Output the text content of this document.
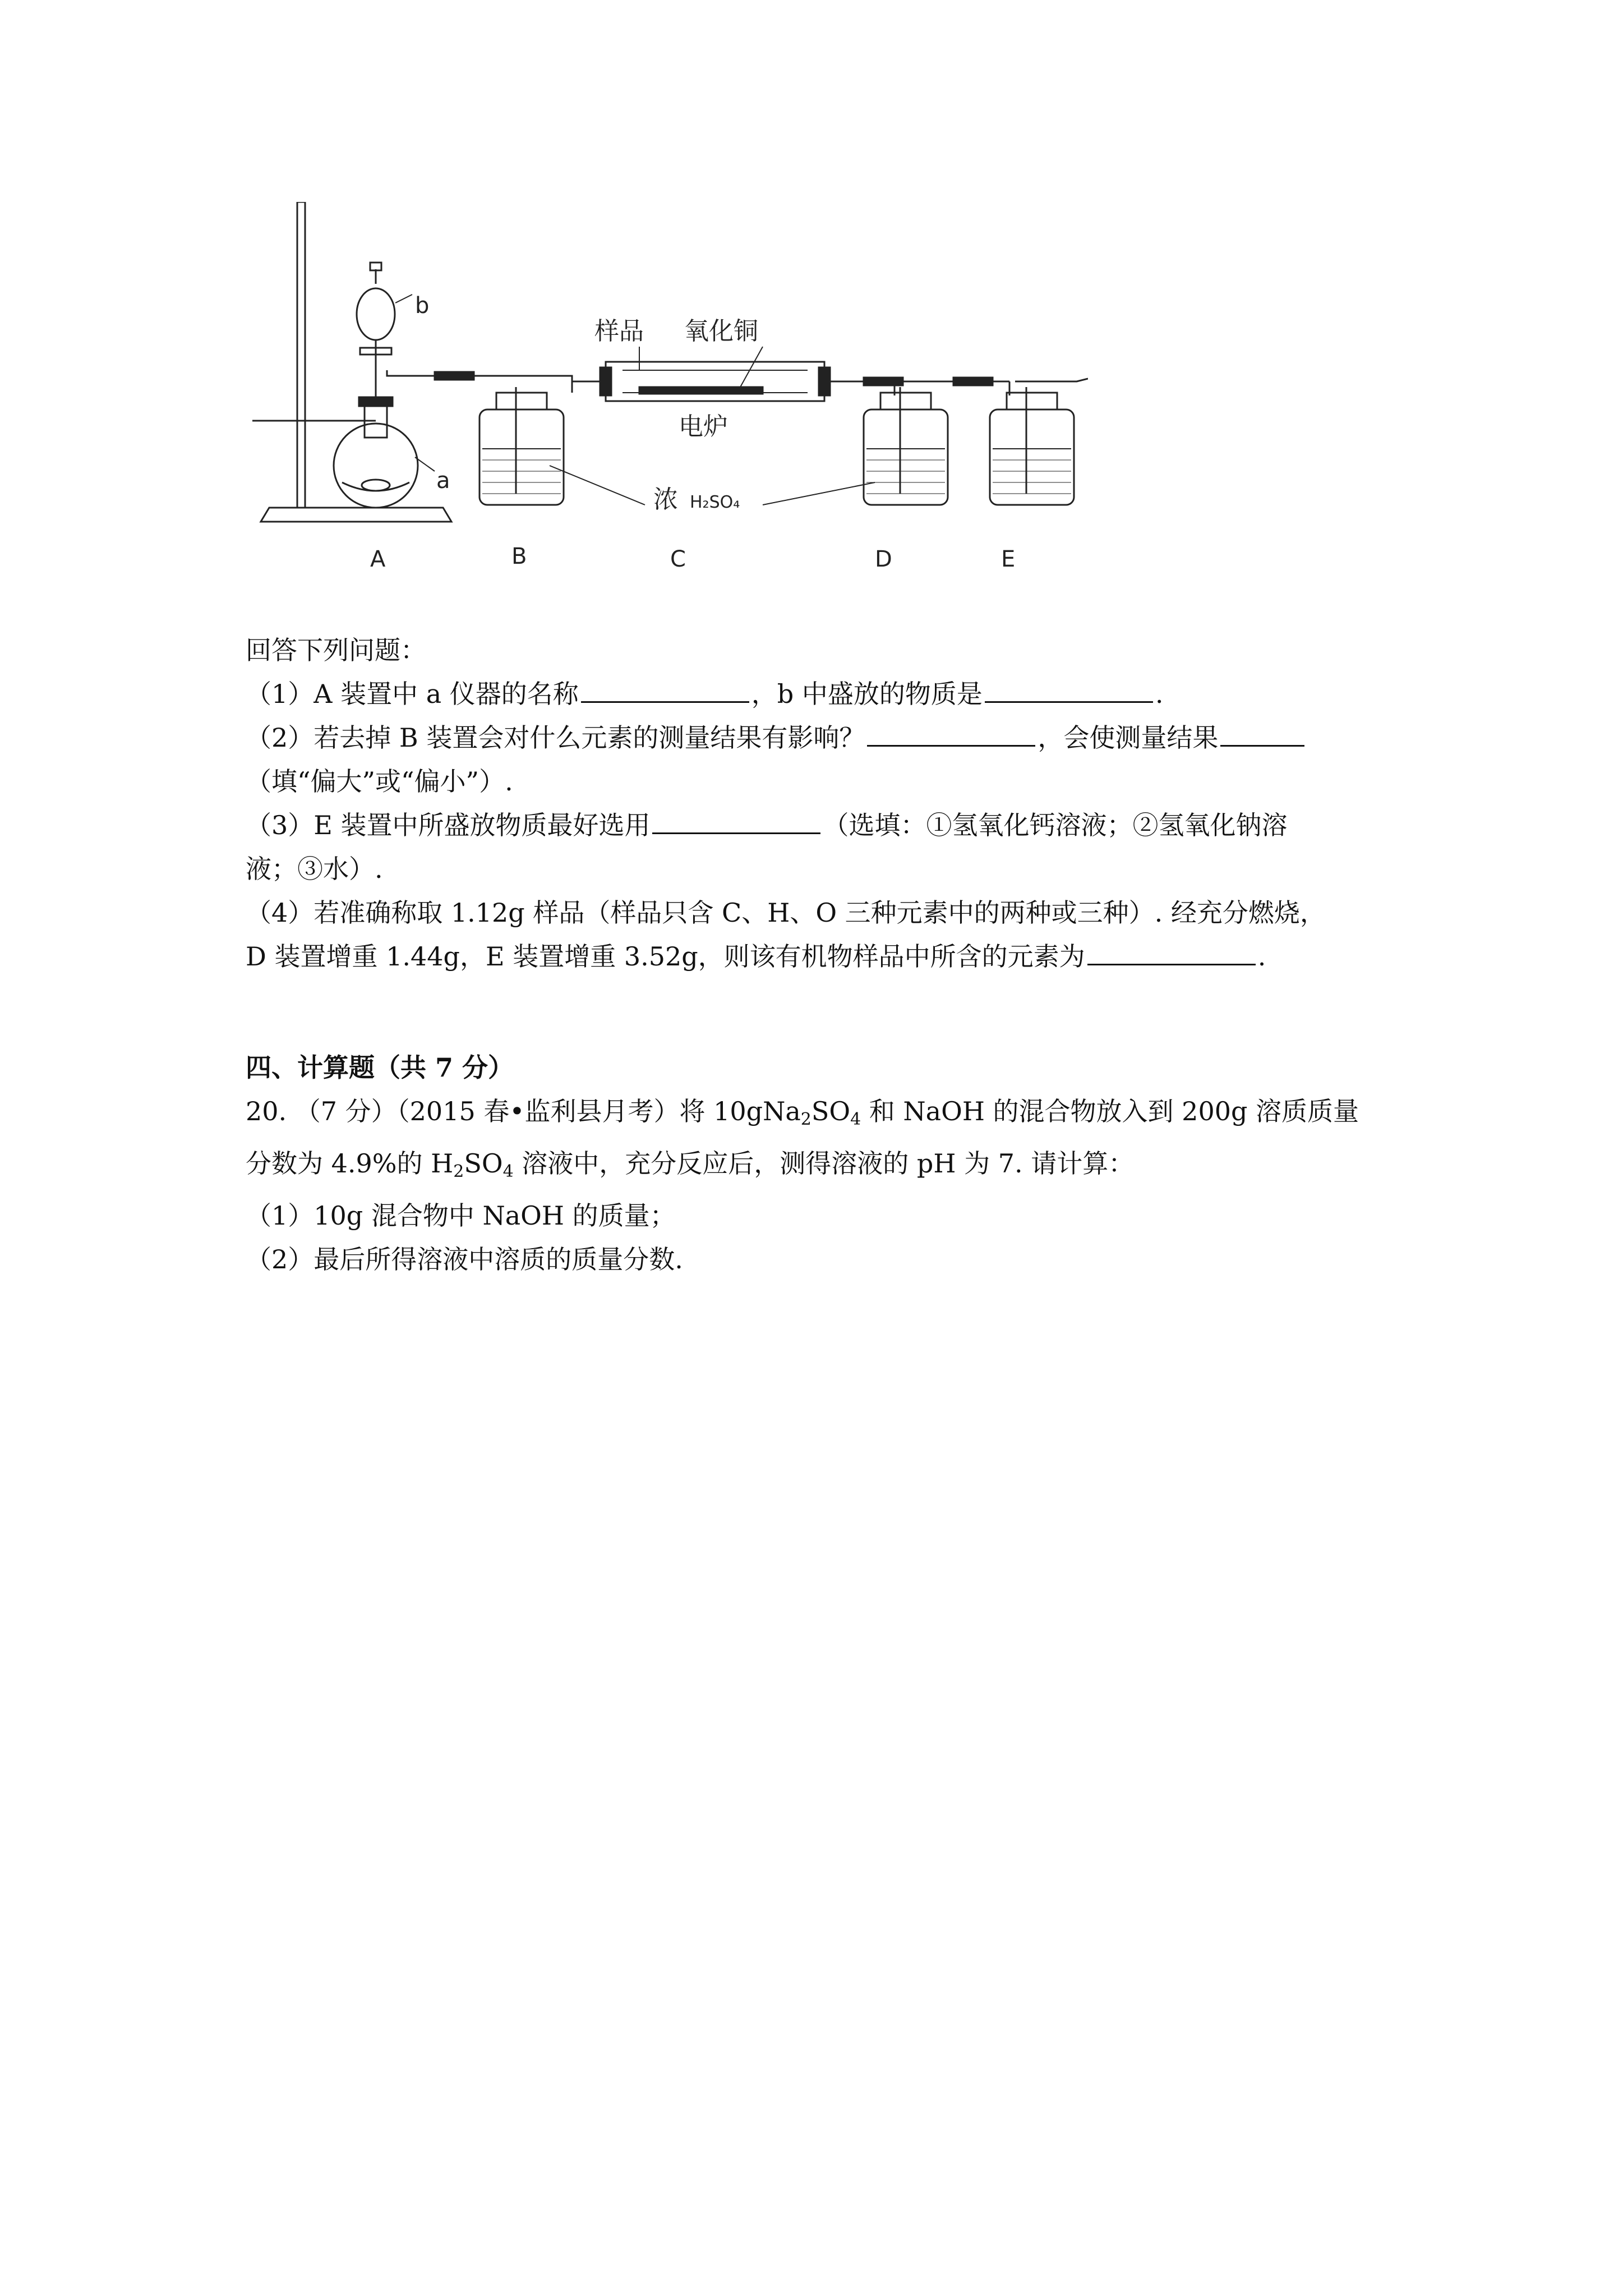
b
a
样品 氧化铜
电炉
浓 H₂SO₄
A	B	C	D	E
回答下列问题：
（1）A 装置中 a 仪器的名称	，b 中盛放的物质是	.
（2）若去掉 B 装置会对什么元素的测量结果有影响？	，会使测量结果
（填“偏大”或“偏小”）.
（3）E 装置中所盛放物质最好选用	（选填：①氢氧化钙溶液；②氢氧化钠溶
液；③水）.
（4）若准确称取 1.12g 样品（样品只含 C、H、O 三种元素中的两种或三种）. 经充分燃烧，
D 装置增重 1.44g，E 装置增重 3.52g，则该有机物样品中所含的元素为	.
四、计算题（共 7 分）
20. （7 分）（2015 春•监利县月考）将 $10gNa_2SO_4$ 和 NaOH 的混合物放入到 200g 溶质质量
分数为 4.9%的 $H_2SO_4$ 溶液中，充分反应后，测得溶液的 pH 为 7. 请计算：
（1）10g 混合物中 NaOH 的质量；
（2）最后所得溶液中溶质的质量分数.
